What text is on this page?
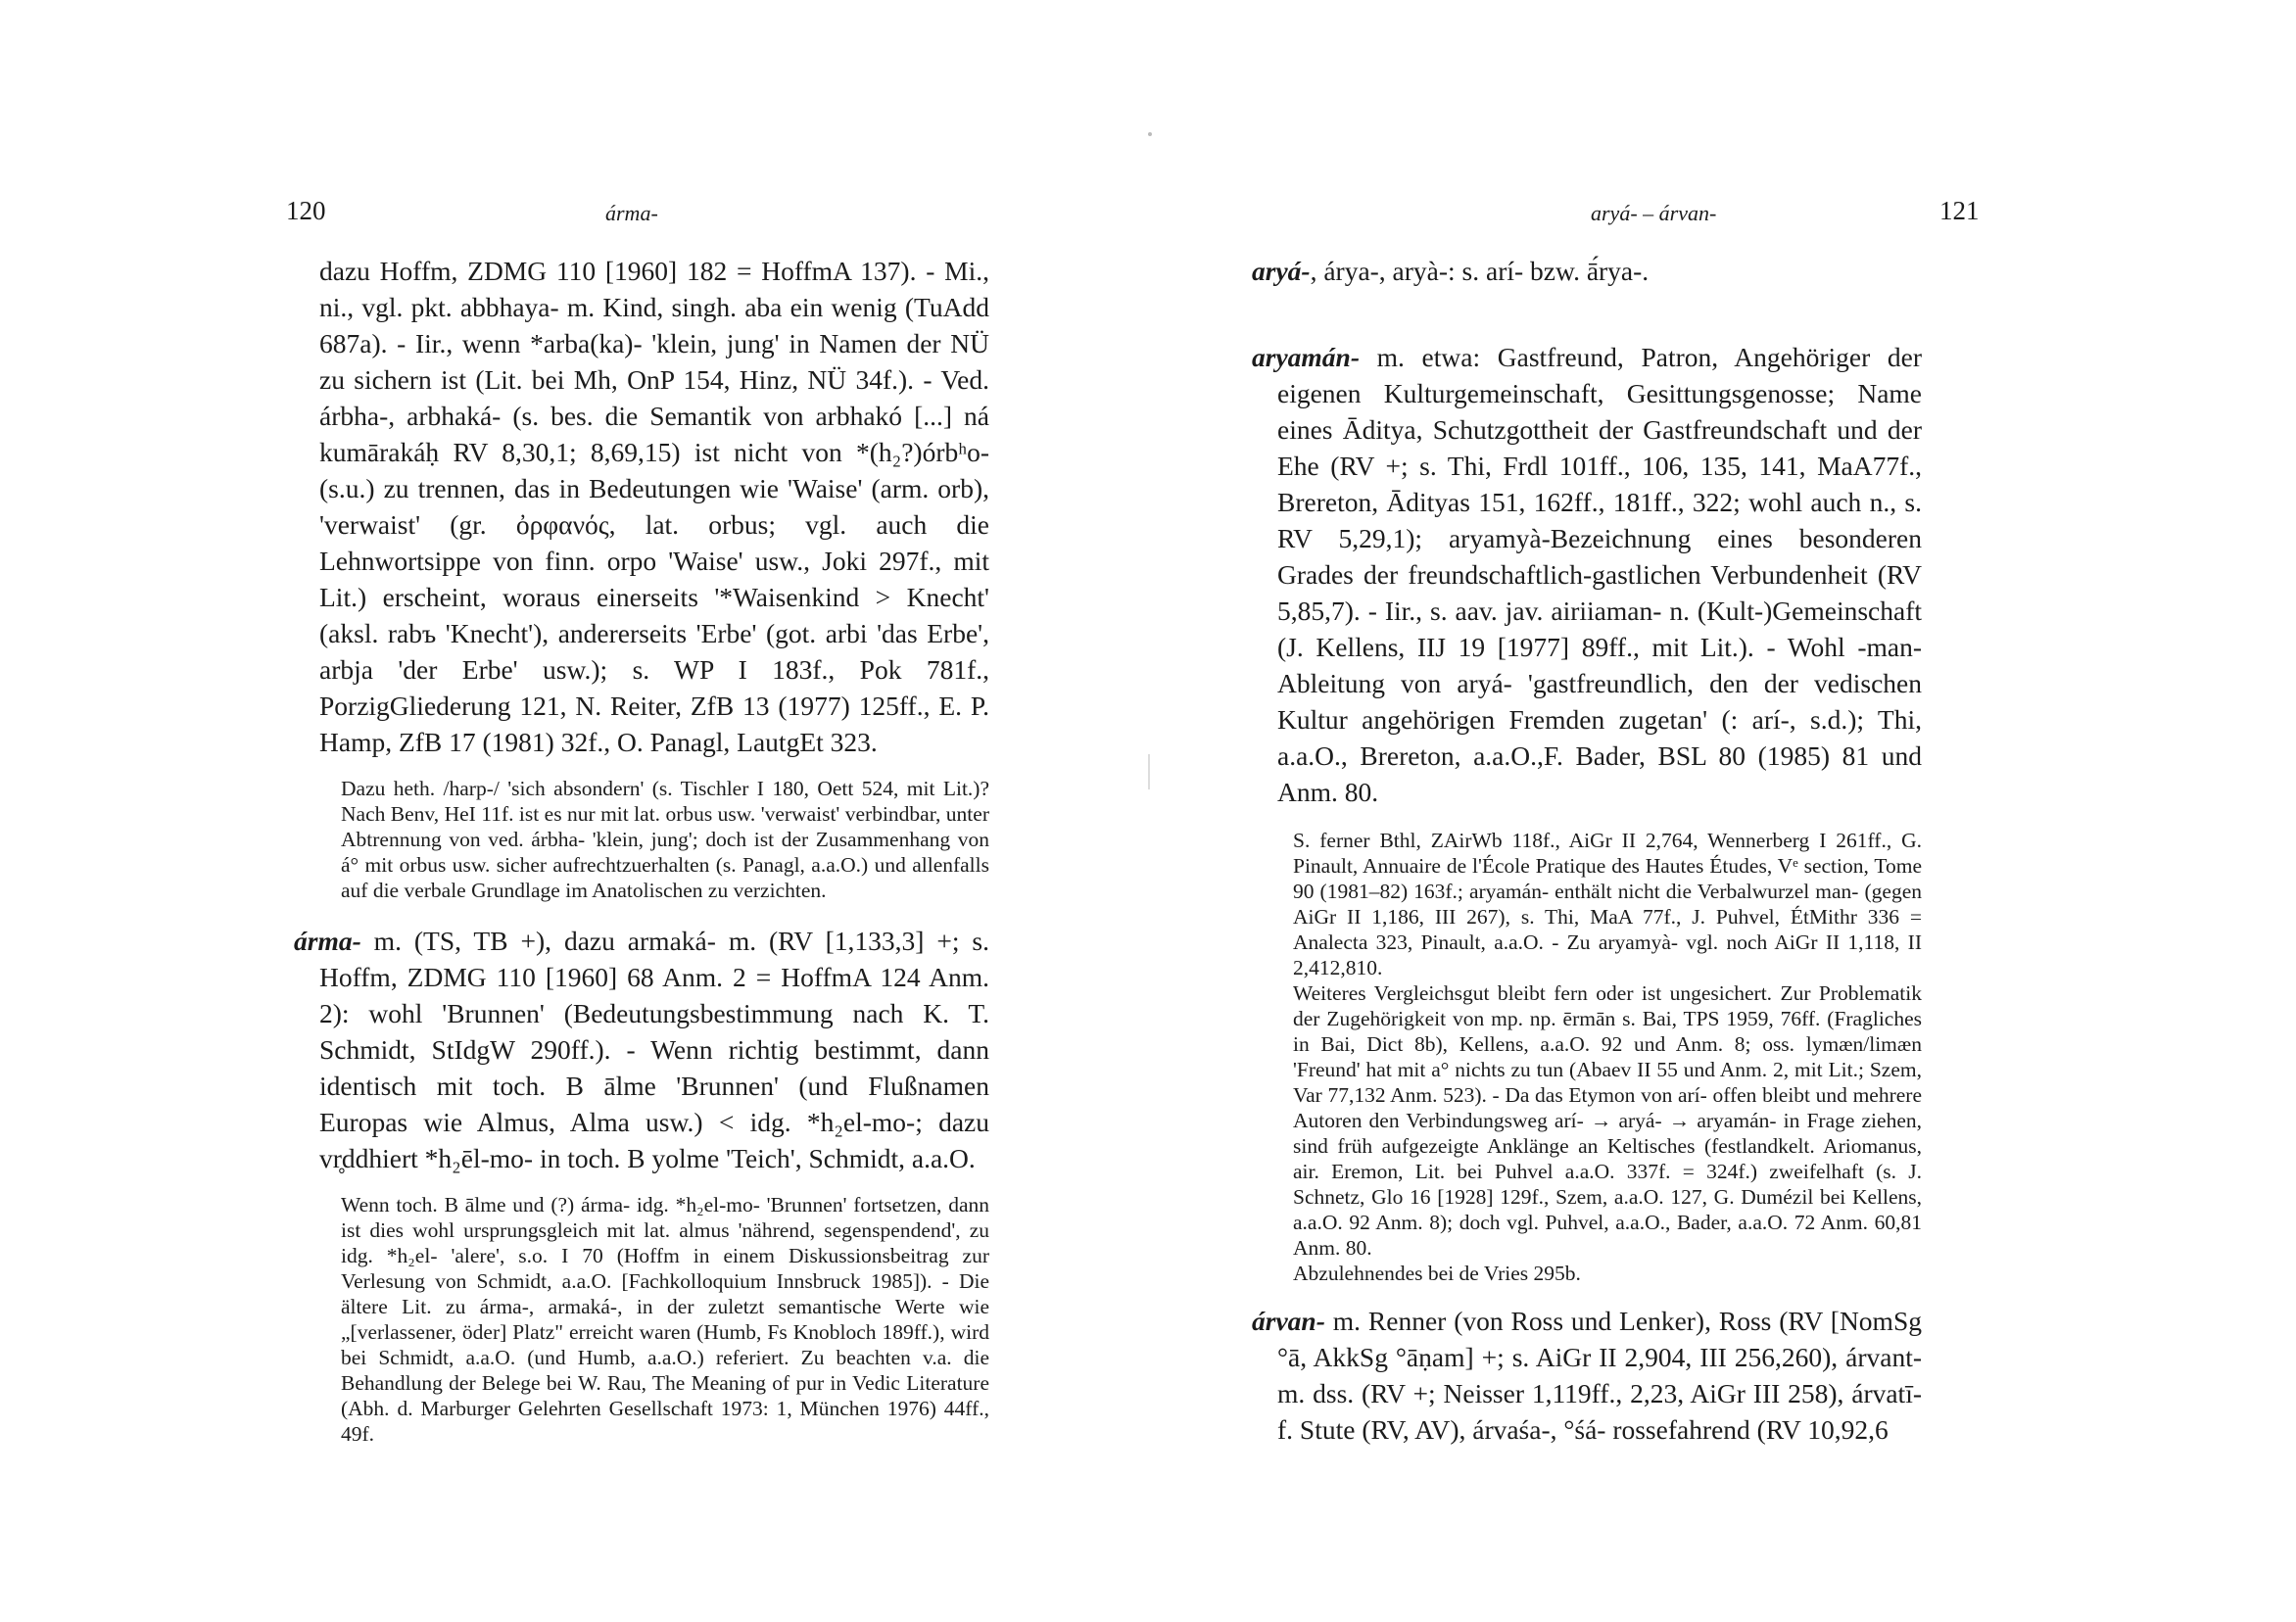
120	árma-

dazu Hoffm, ZDMG 110 [1960] 182 = HoffmA 137). - Mi., ni., vgl. pkt. abbhaya- m. Kind, singh. aba ein wenig (TuAdd 687a). - Iir., wenn *arba(ka)- 'klein, jung' in Namen der NÜ zu sichern ist (Lit. bei Mh, OnP 154, Hinz, NÜ 34f.). - Ved. árbha-, arbhaká- (s. bes. die Semantik von arbhakó [...] ná kumārakáḥ RV 8,30,1; 8,69,15) ist nicht von *(h₂?)órbʰo- (s.u.) zu trennen, das in Bedeutungen wie 'Waise' (arm. orb), 'verwaist' (gr. ὀρφανός, lat. orbus; vgl. auch die Lehnwortsippe von finn. orpo 'Waise' usw., Joki 297f., mit Lit.) erscheint, woraus einerseits '*Waisenkind > Knecht' (aksl. rabъ 'Knecht'), andererseits 'Erbe' (got. arbi 'das Erbe', arbja 'der Erbe' usw.); s. WP I 183f., Pok 781f., PorzigGliederung 121, N. Reiter, ZfB 13 (1977) 125ff., E. P. Hamp, ZfB 17 (1981) 32f., O. Panagl, LautgEt 323.

Dazu heth. /harp-/ 'sich absondern' (s. Tischler I 180, Oett 524, mit Lit.)? Nach Benv, HeI 11f. ist es nur mit lat. orbus usw. 'verwaist' verbindbar, unter Abtrennung von ved. árbha- 'klein, jung'; doch ist der Zusammenhang von á° mit orbus usw. sicher aufrechtzuerhalten (s. Panagl, a.a.O.) und allenfalls auf die verbale Grundlage im Anatolischen zu verzichten.

árma- m. (TS, TB +), dazu armaká- m. (RV [1,133,3] +; s. Hoffm, ZDMG 110 [1960] 68 Anm. 2 = HoffmA 124 Anm. 2): wohl 'Brunnen' (Bedeutungsbestimmung nach K. T. Schmidt, StIdgW 290ff.). - Wenn richtig bestimmt, dann identisch mit toch. B ālme 'Brunnen' (und Flußnamen Europas wie Almus, Alma usw.) < idg. *h₂el-mo-; dazu vr̥ddhiert *h₂ēl-mo- in toch. B yolme 'Teich', Schmidt, a.a.O.

Wenn toch. B ālme und (?) árma- idg. *h₂el-mo- 'Brunnen' fortsetzen, dann ist dies wohl ursprungsgleich mit lat. almus 'nährend, segenspendend', zu idg. *h₂el- 'alere', s.o. I 70 (Hoffm in einem Diskussionsbeitrag zur Verlesung von Schmidt, a.a.O. [Fachkolloquium Innsbruck 1985]). - Die ältere Lit. zu árma-, armaká-, in der zuletzt semantische Werte wie „[verlassener, öder] Platz" erreicht waren (Humb, Fs Knobloch 189ff.), wird bei Schmidt, a.a.O. (und Humb, a.a.O.) referiert. Zu beachten v.a. die Behandlung der Belege bei W. Rau, The Meaning of pur in Vedic Literature (Abh. d. Marburger Gelehrten Gesellschaft 1973: 1, München 1976) 44ff., 49f.

aryá- – árvan-	121

aryá-, árya-, aryà-: s. arí- bzw. ā́rya-.

aryamán- m. etwa: Gastfreund, Patron, Angehöriger der eigenen Kulturgemeinschaft, Gesittungsgenosse; Name eines Āditya, Schutzgottheit der Gastfreundschaft und der Ehe (RV +; s. Thi, Frdl 101ff., 106, 135, 141, MaA77f., Brereton, Ādityas 151, 162ff., 181ff., 322; wohl auch n., s. RV 5,29,1); aryamyà-Bezeichnung eines besonderen Grades der freundschaftlich-gastlichen Verbundenheit (RV 5,85,7). - Iir., s. aav. jav. airiiaman- n. (Kult-)Gemeinschaft (J. Kellens, IIJ 19 [1977] 89ff., mit Lit.). - Wohl -man-Ableitung von aryá- 'gastfreundlich, den der vedischen Kultur angehörigen Fremden zugetan' (: arí-, s.d.); Thi, a.a.O., Brereton, a.a.O.,F. Bader, BSL 80 (1985) 81 und Anm. 80.

S. ferner Bthl, ZAirWb 118f., AiGr II 2,764, Wennerberg I 261ff., G. Pinault, Annuaire de l'École Pratique des Hautes Études, Vᵉ section, Tome 90 (1981–82) 163f.; aryamán- enthält nicht die Verbalwurzel man- (gegen AiGr II 1,186, III 267), s. Thi, MaA 77f., J. Puhvel, ÉtMithr 336 = Analecta 323, Pinault, a.a.O. - Zu aryamyà- vgl. noch AiGr II 1,118, II 2,412,810.

Weiteres Vergleichsgut bleibt fern oder ist ungesichert. Zur Problematik der Zugehörigkeit von mp. np. ērmān s. Bai, TPS 1959, 76ff. (Fragliches in Bai, Dict 8b), Kellens, a.a.O. 92 und Anm. 8; oss. lymæn/limæn 'Freund' hat mit a° nichts zu tun (Abaev II 55 und Anm. 2, mit Lit.; Szem, Var 77,132 Anm. 523). - Da das Etymon von arí- offen bleibt und mehrere Autoren den Verbindungsweg arí- → aryá- → aryamán- in Frage ziehen, sind früh aufgezeigte Anklänge an Keltisches (festlandkelt. Ariomanus, air. Eremon, Lit. bei Puhvel a.a.O. 337f. = 324f.) zweifelhaft (s. J. Schnetz, Glo 16 [1928] 129f., Szem, a.a.O. 127, G. Dumézil bei Kellens, a.a.O. 92 Anm. 8); doch vgl. Puhvel, a.a.O., Bader, a.a.O. 72 Anm. 60,81 Anm. 80.

Abzulehnendes bei de Vries 295b.

árvan- m. Renner (von Ross und Lenker), Ross (RV [NomSg °ā, AkkSg °āṇam] +; s. AiGr II 2,904, III 256,260), árvant- m. dss. (RV +; Neisser 1,119ff., 2,23, AiGr III 258), árvatī- f. Stute (RV, AV), árvaśa-, °śá- rossefahrend (RV 10,92,6
